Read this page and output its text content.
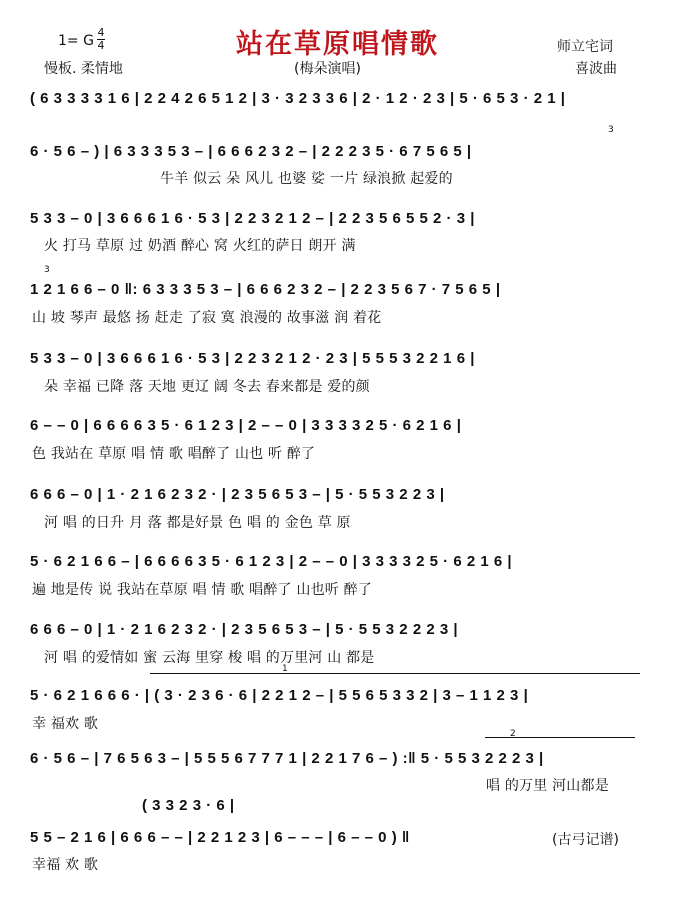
站在草原唱情歌
1= G
4
4
慢板. 柔情地	(梅朵演唱)
师立宅词
喜波曲
( 6 3 3 3 3 1 6 | 2 2 4 2 6 5 1 2 | 3 · 3 2 3 3 6 | 2 · 1 2 · 2 3 | 5 · 6 5 3 · 2 1 |
6 · 5 6 – ) | 6 3 3 3 5 3 – | 6 6 6 2 3 2 – | 2 2 2 3 5 · 6 7 5 6 5 |
牛羊 似云 朵 风儿 也婆 娑 一片 绿浪掀 起爱的
5 3 3 – 0 | 3 6 6 6 1 6 · 5 3 | 2 2 3 2 1 2 – | 2 2 3 5 6 5 5 2 · 3 |
火 打马 草原 过 奶酒 醉心 窝 火红的萨日 朗开 满
1 2 1 6 6 – 0 ‖: 6 3 3 3 5 3 – | 6 6 6 2 3 2 – | 2 2 3 5 6 7 · 7 5 6 5 |
山 坡 琴声 最悠 扬 赶走 了寂 寞 浪漫的 故事滋 润 着花
3
3
5 3 3 – 0 | 3 6 6 6 1 6 · 5 3 | 2 2 3 2 1 2 · 2 3 | 5 5 5 3 2 2 1 6 |
朵 幸福 已降 落 天地 更辽 阔 冬去 春来都是 爱的颜
6 – – 0 | 6 6 6 6 3 5 · 6 1 2 3 | 2 – – 0 | 3 3 3 3 2 5 · 6 2 1 6 |
色 我站在 草原 唱 情 歌 唱醉了 山也 听 醉了
6 6 6 – 0 | 1 · 2 1 6 2 3 2 · | 2 3 5 6 5 3 – | 5 · 5 5 3 2 2 3 |
河 唱 的日升 月 落 都是好景 色 唱 的 金色 草 原
5 · 6 2 1 6 6 – | 6 6 6 6 3 5 · 6 1 2 3 | 2 – – 0 | 3 3 3 3 2 5 · 6 2 1 6 |
遍 地是传 说 我站在草原 唱 情 歌 唱醉了 山也听 醉了
1
6 6 6 – 0 | 1 · 2 1 6 2 3 2 · | 2 3 5 6 5 3 – | 5 · 5 5 3 2 2 2 3 |
河 唱 的爱情如 蜜 云海 里穿 梭 唱 的万里河 山 都是
5 · 6 2 1 6 6 6 · | ( 3 · 2 3 6 · 6 | 2 2 1 2 – | 5 5 6 5 3 3 2 | 3 – 1 1 2 3 |
幸 福欢 歌
2
6 · 5 6 – | 7 6 5 6 3 – | 5 5 5 6 7 7 7 1 | 2 2 1 7 6 – ) :‖ 5 · 5 5 3 2 2 2 3 |
唱 的万里 河山都是
( 3 3 2 3 · 6 |
5 5 – 2 1 6 | 6 6 6 – – | 2 2 1 2 3 | 6 – – – | 6 – – 0 ) ‖
幸福 欢 歌
(古弓记谱)
